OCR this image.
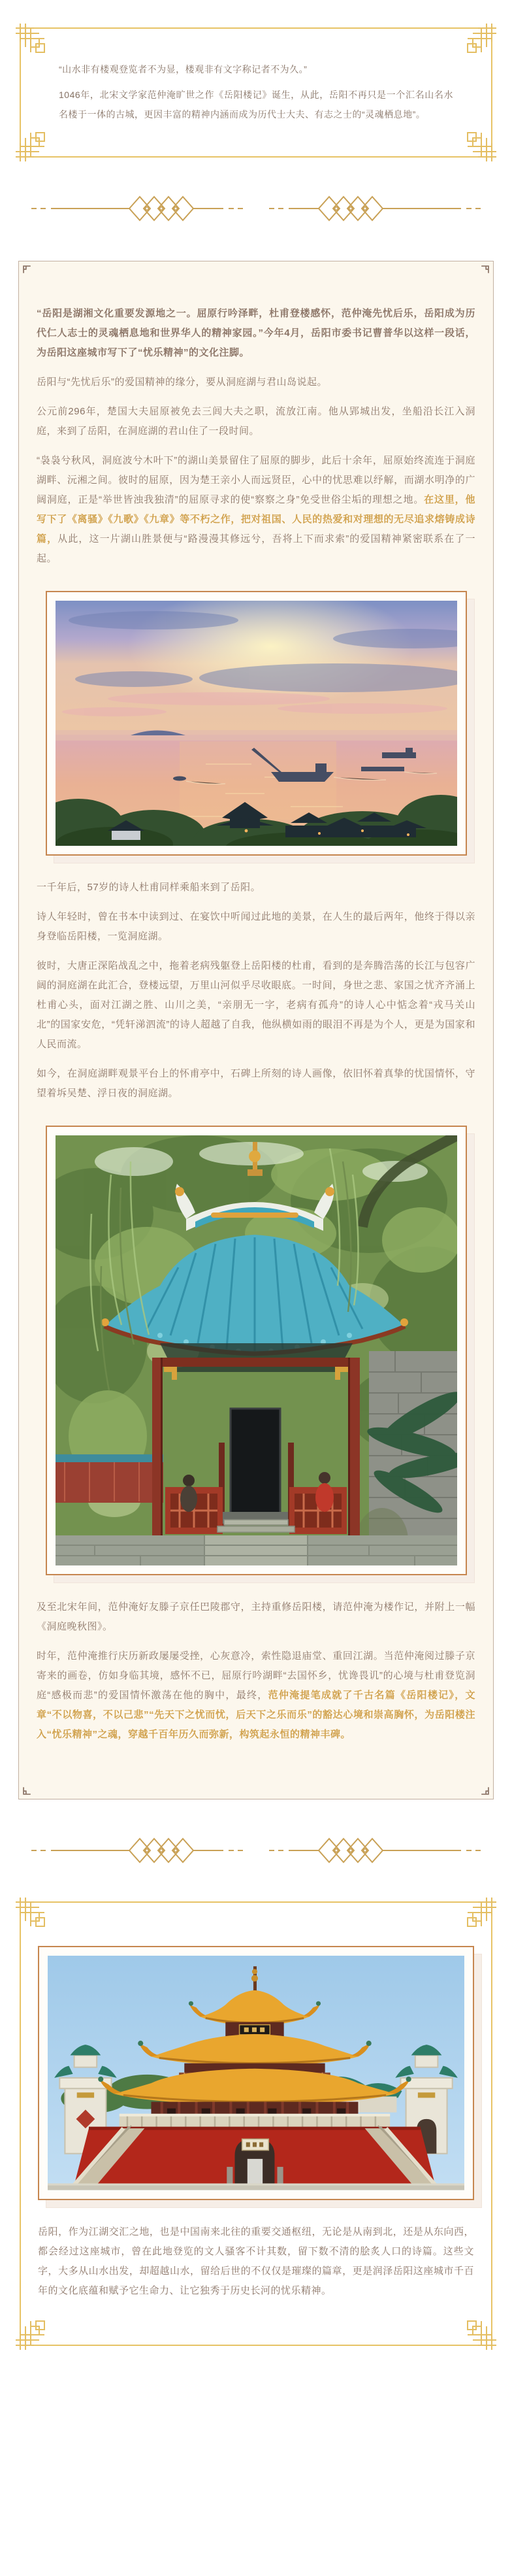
“山水非有楼观登览者不为显，楼观非有文字称记者不为久。”

1046年，北宋文学家范仲淹旷世之作《岳阳楼记》诞生，从此，岳阳不再只是一个汇名山名水名楼于一体的古城，更因丰富的精神内涵而成为历代士大夫、有志之士的“灵魂栖息地”。

“岳阳是湖湘文化重要发源地之一。屈原行吟泽畔，杜甫登楼感怀，范仲淹先忧后乐，岳阳成为历代仁人志士的灵魂栖息地和世界华人的精神家园。”今年4月，岳阳市委书记曹普华以这样一段话，为岳阳这座城市写下了“忧乐精神”的文化注脚。

岳阳与“先忧后乐”的爱国精神的缘分，要从洞庭湖与君山岛说起。

公元前296年，楚国大夫屈原被免去三闾大夫之职，流放江南。他从郢城出发，坐船沿长江入洞庭，来到了岳阳，在洞庭湖的君山住了一段时间。

“袅袅兮秋风，洞庭波兮木叶下”的湖山美景留住了屈原的脚步，此后十余年，屈原始终流连于洞庭湖畔、沅湘之间。彼时的屈原，因为楚王亲小人而远贤臣，心中的忧思难以纾解，而湖水明净的广阔洞庭，正是“举世皆浊我独清”的屈原寻求的使“察察之身”免受世俗尘垢的理想之地。在这里，他写下了《离骚》《九歌》《九章》等不朽之作，把对祖国、人民的热爱和对理想的无尽追求熔铸成诗篇，从此，这一片湖山胜景便与“路漫漫其修远兮，吾将上下而求索”的爱国精神紧密联系在了一起。

一千年后，57岁的诗人杜甫同样乘船来到了岳阳。

诗人年轻时，曾在书本中读到过、在宴饮中听闻过此地的美景，在人生的最后两年，他终于得以亲身登临岳阳楼，一览洞庭湖。

彼时，大唐正深陷战乱之中，拖着老病残躯登上岳阳楼的杜甫，看到的是奔腾浩荡的长江与包容广阔的洞庭湖在此汇合，登楼远望，万里山河似乎尽收眼底。一时间，身世之悲、家国之忧齐齐涌上杜甫心头，面对江湖之胜、山川之美，“亲朋无一字，老病有孤舟”的诗人心中惦念着“戎马关山北”的国家安危，“凭轩涕泗流”的诗人超越了自我，他纵横如雨的眼泪不再是为个人，更是为国家和人民而流。

如今，在洞庭湖畔观景平台上的怀甫亭中，石碑上所刻的诗人画像，依旧怀着真挚的忧国情怀，守望着坼吴楚、浮日夜的洞庭湖。

及至北宋年间，范仲淹好友滕子京任巴陵郡守，主持重修岳阳楼，请范仲淹为楼作记，并附上一幅《洞庭晚秋图》。

时年，范仲淹推行庆历新政屡屡受挫，心灰意冷，索性隐退庙堂、重回江湖。当范仲淹阅过滕子京寄来的画卷，仿如身临其境，感怀不已，屈原行吟湖畔“去国怀乡，忧谗畏讥”的心境与杜甫登览洞庭“感极而悲”的爱国情怀激荡在他的胸中，最终，范仲淹提笔成就了千古名篇《岳阳楼记》，文章“不以物喜，不以己悲”“先天下之忧而忧，后天下之乐而乐”的豁达心境和崇高胸怀，为岳阳楼注入“忧乐精神”之魂，穿越千百年历久而弥新，构筑起永恒的精神丰碑。

岳阳，作为江湖交汇之地，也是中国南来北往的重要交通枢纽，无论是从南到北，还是从东向西，都会经过这座城市，曾在此地登览的文人骚客不计其数，留下数不清的脍炙人口的诗篇。这些文字，大多从山水出发，却超越山水，留给后世的不仅仅是璀璨的篇章，更是润泽岳阳这座城市千百年的文化底蕴和赋予它生命力、让它独秀于历史长河的忧乐精神。
